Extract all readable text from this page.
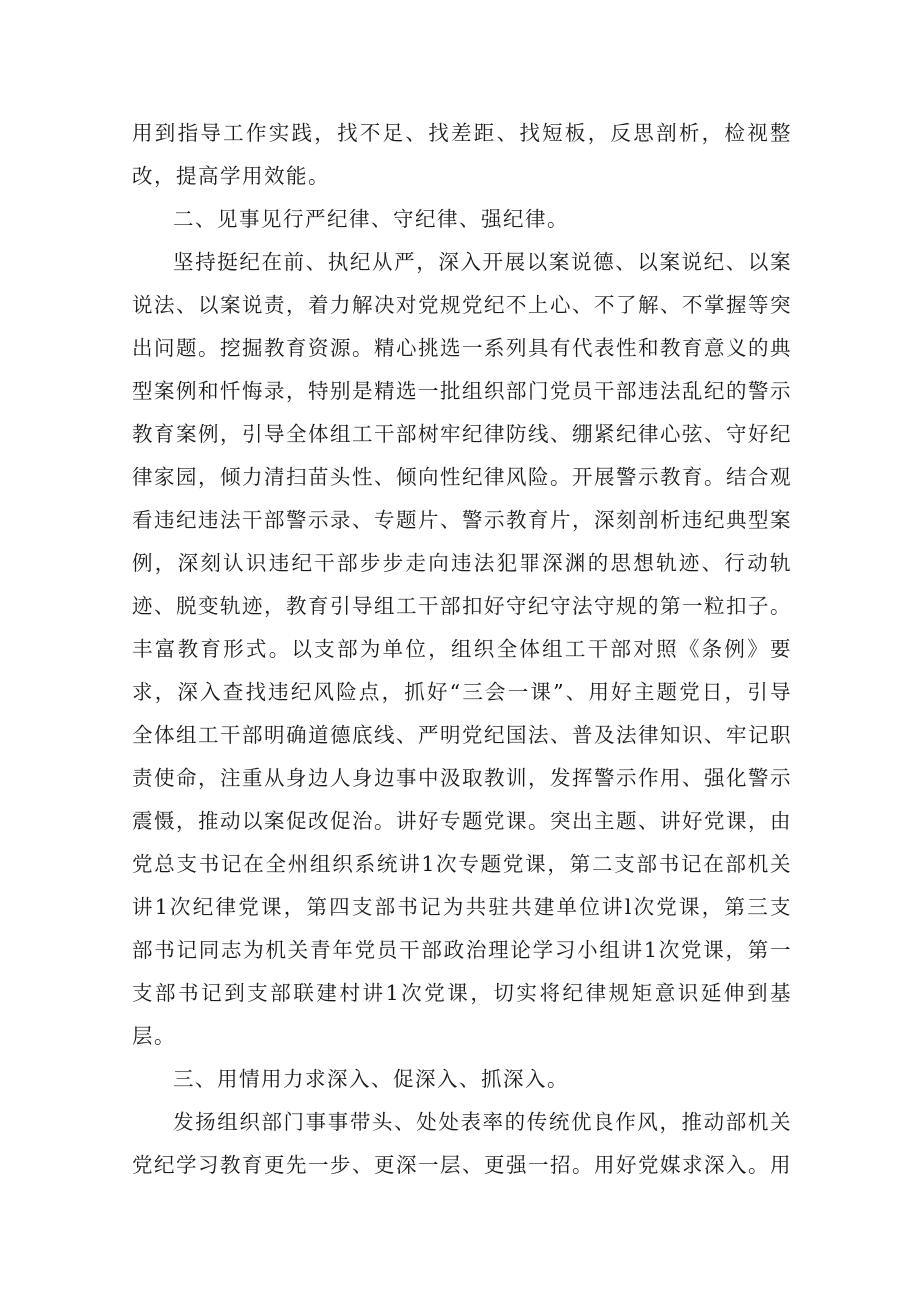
用到指导工作实践，找不足、找差距、找短板，反思剖析，检视整改，提高学用效能。

二、见事见行严纪律、守纪律、强纪律。

坚持挺纪在前、执纪从严，深入开展以案说德、以案说纪、以案说法、以案说责，着力解决对党规党纪不上心、不了解、不掌握等突出问题。挖掘教育资源。精心挑选一系列具有代表性和教育意义的典型案例和忏悔录，特别是精选一批组织部门党员干部违法乱纪的警示教育案例，引导全体组工干部树牢纪律防线、绷紧纪律心弦、守好纪律家园，倾力清扫苗头性、倾向性纪律风险。开展警示教育。结合观看违纪违法干部警示录、专题片、警示教育片，深刻剖析违纪典型案例，深刻认识违纪干部步步走向违法犯罪深渊的思想轨迹、行动轨迹、脱变轨迹，教育引导组工干部扣好守纪守法守规的第一粒扣子。丰富教育形式。以支部为单位，组织全体组工干部对照《条例》要求，深入查找违纪风险点，抓好“三会一课”、用好主题党日，引导全体组工干部明确道德底线、严明党纪国法、普及法律知识、牢记职责使命，注重从身边人身边事中汲取教训，发挥警示作用、强化警示震慑，推动以案促改促治。讲好专题党课。突出主题、讲好党课，由党总支书记在全州组织系统讲1次专题党课，第二支部书记在部机关讲1次纪律党课，第四支部书记为共驻共建单位讲l次党课，第三支部书记同志为机关青年党员干部政治理论学习小组讲1次党课，第一支部书记到支部联建村讲1次党课，切实将纪律规矩意识延伸到基层。

三、用情用力求深入、促深入、抓深入。

发扬组织部门事事带头、处处表率的传统优良作风，推动部机关党纪学习教育更先一步、更深一层、更强一招。用好党媒求深入。用
